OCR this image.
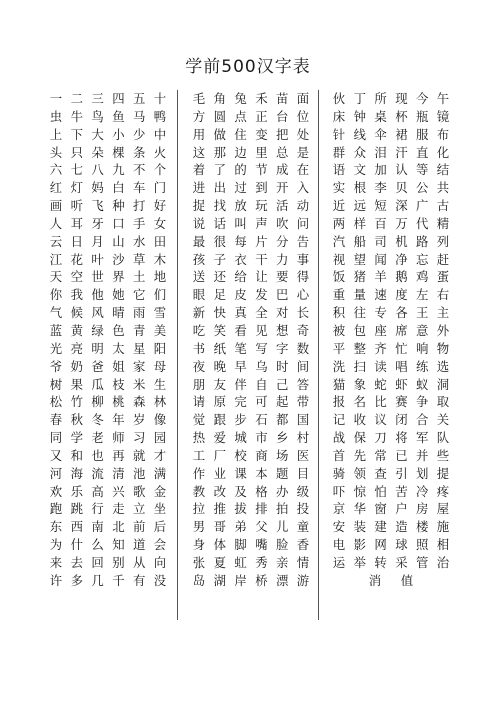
学前500汉字表
一 二 三 四 五 十
虫 牛 鸟 鱼 马 鸭
上 下 大 小 少 中
头 只 朵 棵 条 火
六 七 八 九 不 个
红 灯 妈 白 车 门
画 听 飞 种 打 好
人 耳 牙 口 手 女
云 日 月 山 水 田
江 花 叶 沙 草 木
天 空 世 界 土 地
你 我 他 她 它 们
气 候 风 晴 雨 雪
蓝 黄 绿 色 青 美
光 亮 明 太 星 阳
爷 奶 爸 姐 家 母
树 果 瓜 枝 米 生
松 竹 柳 桃 森 林
春 秋 冬 年 岁 像
同 学 老 师 习 园
又 和 也 再 就 才
河 海 流 清 池 满
欢 乐 高 兴 歌 金
跑 跳 行 走 立 坐
东 西 南 北 前 后
为 什 么 知 道 会
来 去 回 别 从 向
许 多 几 千 有 没
毛 角 兔 禾 苗 面
方 圆 点 正 台 位
用 做 住 变 把 处
这 那 边 里 总 是
着 了 的 节 成 在
进 出 过 到 开 入
捉 找 放 玩 活 动
说 话 叫 声 吹 问
最 很 每 片 分 告
孩 子 衣 干 力 事
送 还 给 让 要 得
眼 足 皮 发 巴 心
新 快 真 全 对 长
吃 笑 看 见 想 奇
书 纸 笔 写 字 数
夜 晚 早 乌 时 间
朋 友 伴 自 己 答
请 原 完 可 起 带
觉 跟 步 石 都 国
热 爱 城 市 乡 村
工 厂 校 商 场 医
作 业 课 本 题 目
教 改 及 格 办 级
拉 推 拔 排 拍 投
男 哥 弟 父 儿 童
身 体 脚 嘴 脸 香
张 夏 虹 秀 亲 情
岛 湖 岸 桥 漂 游
伙 丁 所 现 今 午
床 钟 桌 杯 瓶 镜
针 线 伞 裙 服 布
群 众 泪 汗 直 化
语 文 加 认 等 结
实 根 李 贝 公 共
近 远 短 深 广 古
两 样 百 万 代 精
汽 船 司 机 路 列
视 望 闻 净 忘 赶
饭 猪 羊 鹅 鸡 蛋
重 量 速 度 左 右
积 往 专 各 王 主
被 包 座 席 意 外
平 整 齐 忙 响 物
洗 扫 读 唱 练 选
猫 象 蛇 虾 蚁 洞
报 名 比 赛 争 取
记 收 议 闭 合 关
战 保 刀 将 军 队
首 先 常 已 并 些
骑 领 查 引 划 提
吓 惊 怕 苦 冷 疼
京 华 窗 户 房 屋
安 装 建 造 楼 施
电 影 网 球 照 相
运 举 转 采 管 治
消 值
